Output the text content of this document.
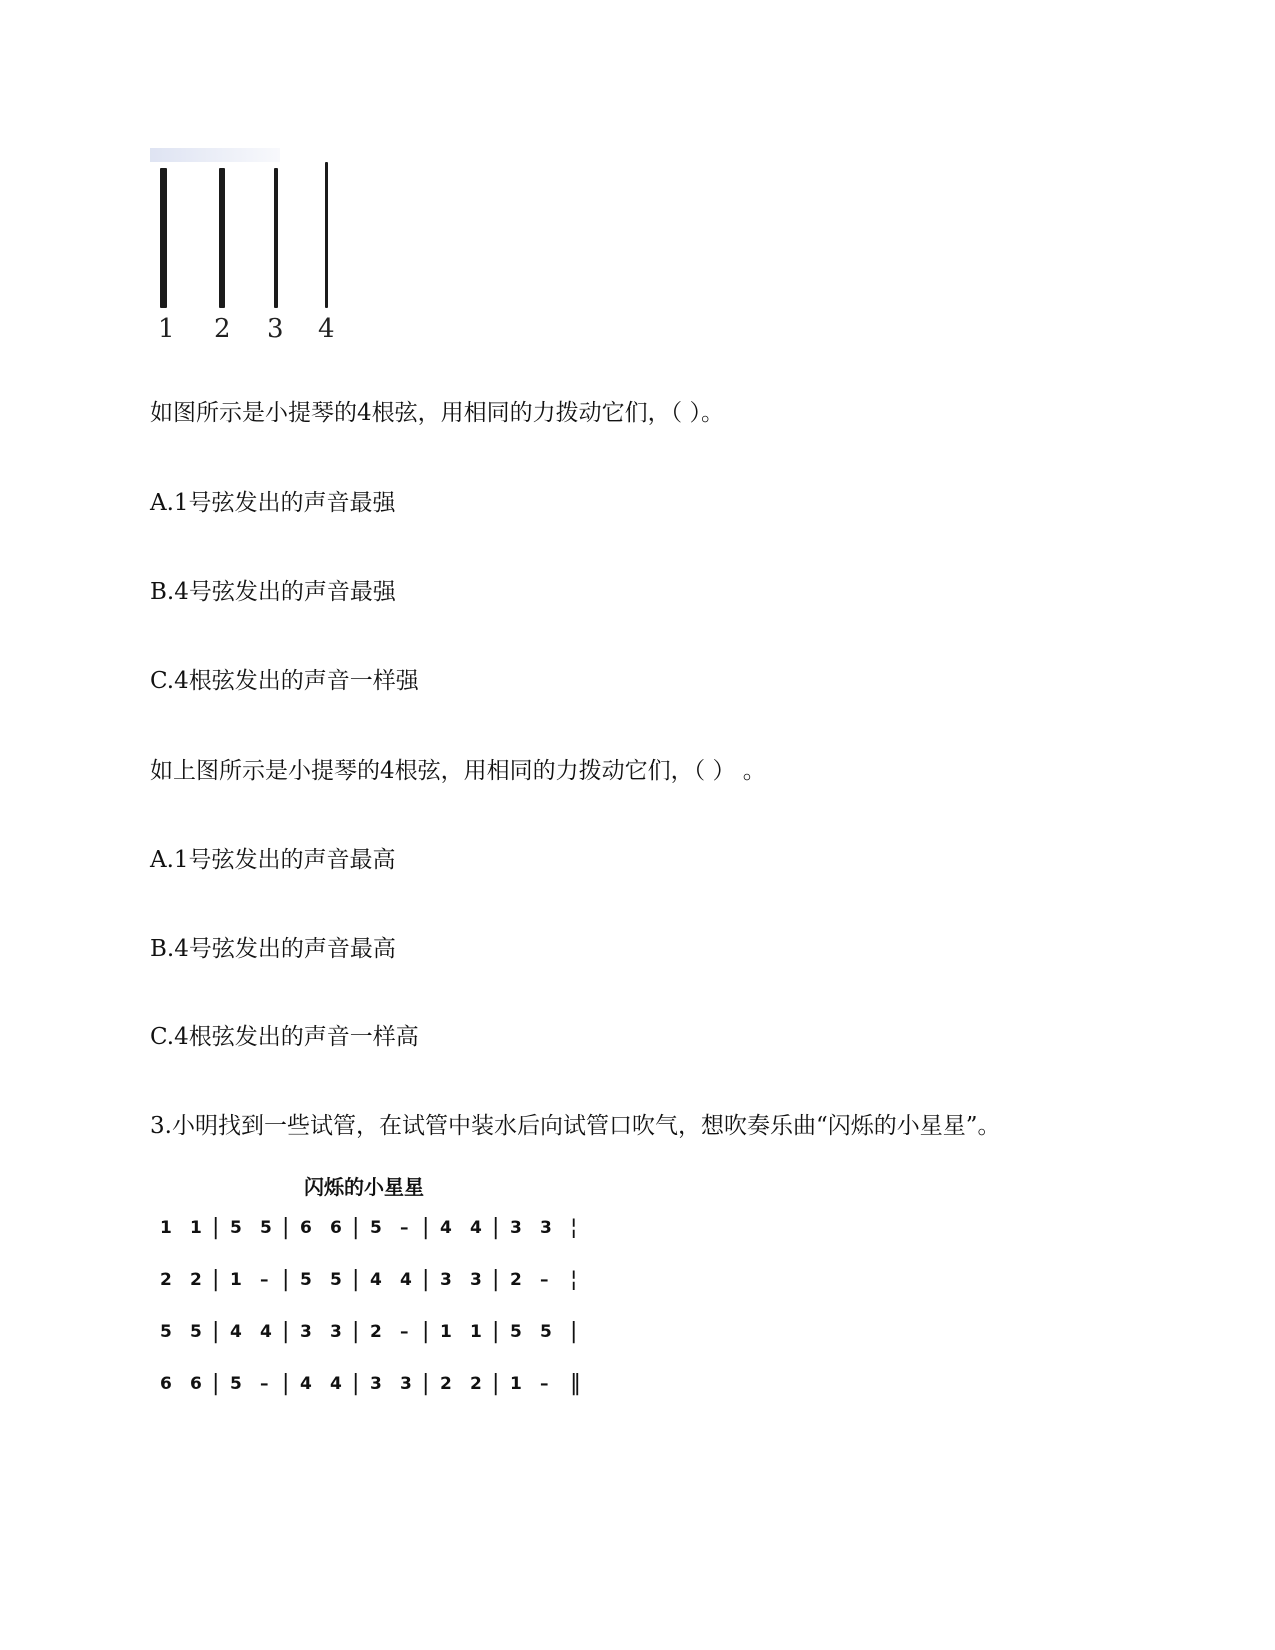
1 2 3 4
如图所示是小提琴的4根弦，用相同的力拨动它们，（ ）。
A.1号弦发出的声音最强
B.4号弦发出的声音最强
C.4根弦发出的声音一样强
如上图所示是小提琴的4根弦，用相同的力拨动它们，（ ） 。
A.1号弦发出的声音最高
B.4号弦发出的声音最高
C.4根弦发出的声音一样高
3.小明找到一些试管，在试管中装水后向试管口吹气，想吹奏乐曲“闪烁的小星星”。
闪烁的小星星
1 1 | 5 5 | 6 6 | 5 – | 4 4 | 3 3 ¦
2 2 | 1 – | 5 5 | 4 4 | 3 3 | 2 – ¦
5 5 | 4 4 | 3 3 | 2 – | 1 1 | 5 5 |
6 6 | 5 – | 4 4 | 3 3 | 2 2 | 1 – ‖
